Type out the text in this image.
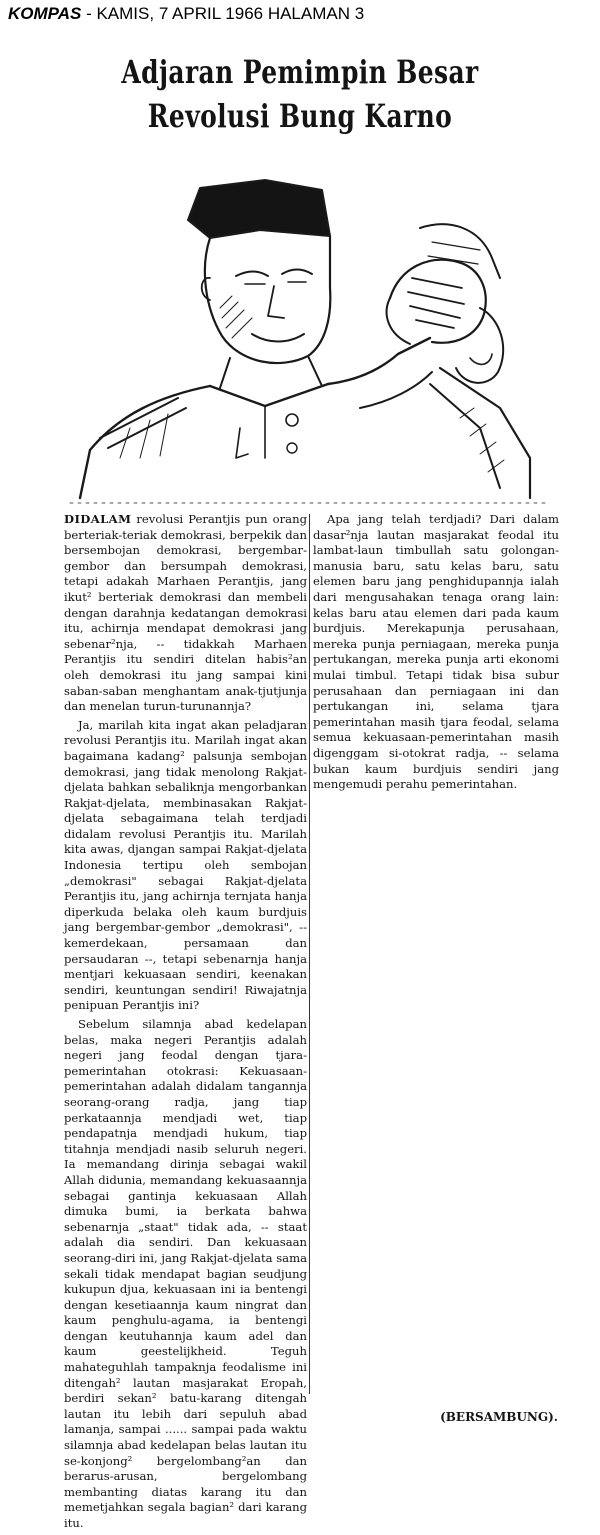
KOMPAS - KAMIS, 7 APRIL 1966 HALAMAN 3
Adjaran Pemimpin Besar
Revolusi Bung Karno

DIDALAM revolusi Perantjis pun orang berteriak-teriak demokrasi, berpekik dan bersembojan demokrasi, bergembar-gembor dan bersumpah demokrasi, tetapi adakah Marhaen Perantjis, jang ikut² berteriak demokrasi dan membeli dengan darahnja kedatangan demokrasi itu, achirnja mendapat demokrasi jang sebenar²nja, -- tidakkah Marhaen Perantjis itu sendiri ditelan habis²an oleh demokrasi itu jang sampai kini saban-saban menghantam anak-tjutjunja dan menelan turun-turunannja?

Ja, marilah kita ingat akan peladjaran revolusi Perantjis itu. Marilah ingat akan bagaimana kadang² palsunja sembojan demokrasi, jang tidak menolong Rakjat-djelata bahkan sebaliknja mengorbankan Rakjat-djelata, membinasakan Rakjat-djelata sebagaimana telah terdjadi didalam revolusi Perantjis itu. Marilah kita awas, djangan sampai Rakjat-djelata Indonesia tertipu oleh sembojan „demokrasi" sebagai Rakjat-djelata Perantjis itu, jang achirnja ternjata hanja diperkuda belaka oleh kaum burdjuis jang bergembar-gembor „demokrasi", -- kemerdekaan, persamaan dan persaudaran --, tetapi sebenarnja hanja mentjari kekuasaan sendiri, keenakan sendiri, keuntungan sendiri! Riwajatnja penipuan Perantjis ini?

Sebelum silamnja abad kedelapan belas, maka negeri Perantjis adalah negeri jang feodal dengan tjara-pemerintahan otokrasi: Kekuasaan-pemerintahan adalah didalam tangannja seorang-orang radja, jang tiap perkataannja mendjadi wet, tiap pendapatnja mendjadi hukum, tiap titahnja mendjadi nasib seluruh negeri. Ia memandang dirinja sebagai wakil Allah didunia, memandang kekuasaannja sebagai gantinja kekuasaan Allah dimuka bumi, ia berkata bahwa sebenarnja „staat" tidak ada, -- staat adalah dia sendiri. Dan kekuasaan seorang-diri ini, jang Rakjat-djelata sama sekali tidak mendapat bagian seudjung kukupun djua, kekuasaan ini ia bentengi dengan kesetiaannja kaum ningrat dan kaum penghulu-agama, ia bentengi dengan keutuhannja kaum adel dan kaum geestelijkheid. Teguh mahateguhlah tampaknja feodalisme ini ditengah² lautan masjarakat Eropah, berdiri sekan² batu-karang ditengah lautan itu lebih dari sepuluh abad lamanja, sampai ...... sampai pada waktu silamnja abad kedelapan belas lautan itu se-konjong² bergelombang²an dan berarus-arusan, bergelombang membanting diatas karang itu dan memetjahkan segala bagian² dari karang itu.

Apa jang telah terdjadi? Dari dalam dasar²nja lautan masjarakat feodal itu lambat-laun timbullah satu golongan-manusia baru, satu kelas baru, satu elemen baru jang penghidupannja ialah dari mengusahakan tenaga orang lain: kelas baru atau elemen dari pada kaum burdjuis. Merekapunja perusahaan, mereka punja perniagaan, mereka punja pertukangan, mereka punja arti ekonomi mulai timbul. Tetapi tidak bisa subur perusahaan dan perniagaan ini dan pertukangan ini, selama tjara pemerintahan masih tjara feodal, selama semua kekuasaan-pemerintahan masih digenggam si-otokrat radja, -- selama bukan kaum burdjuis sendiri jang mengemudi perahu pemerintahan.

(BERSAMBUNG).
